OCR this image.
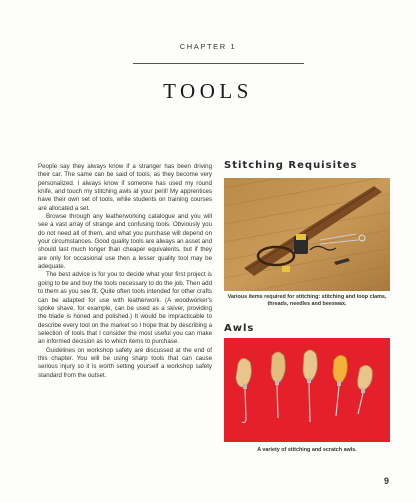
CHAPTER 1
TOOLS

People say they always know if a stranger has been driving their car. The same can be said of tools, as they become very personalized. I always know if someone has used my round knife, and touch my stitching awls at your peril! My apprentices have their own set of tools, while students on training courses are allocated a set.

Browse through any leatherworking catalogue and you will see a vast array of strange and confusing tools. Obviously you do not need all of them, and what you purchase will depend on your circumstances. Good quality tools are always an asset and should last much longer than cheaper equivalents, but if they are only for occasional use then a lesser quality tool may be adequate.

The best advice is for you to decide what your first project is going to be and buy the tools necessary to do the job. Then add to them as you see fit. Quite often tools intended for other crafts can be adapted for use with leatherwork. (A woodworker's spoke shave, for example, can be used as a skiver, providing the blade is honed and polished.) It would be impracticable to describe every tool on the market so I hope that by describing a selection of tools that I consider the most useful you can make an informed decision as to which items to purchase.

Guidelines on workshop safety are discussed at the end of this chapter. You will be using sharp tools that can cause serious injury so it is worth setting yourself a workshop safety standard from the outset.

Stitching Requisites
Various items required for stitching: stitching and loop clams, threads, needles and beeswax.
Awls
A variety of stitching and scratch awls.
9
